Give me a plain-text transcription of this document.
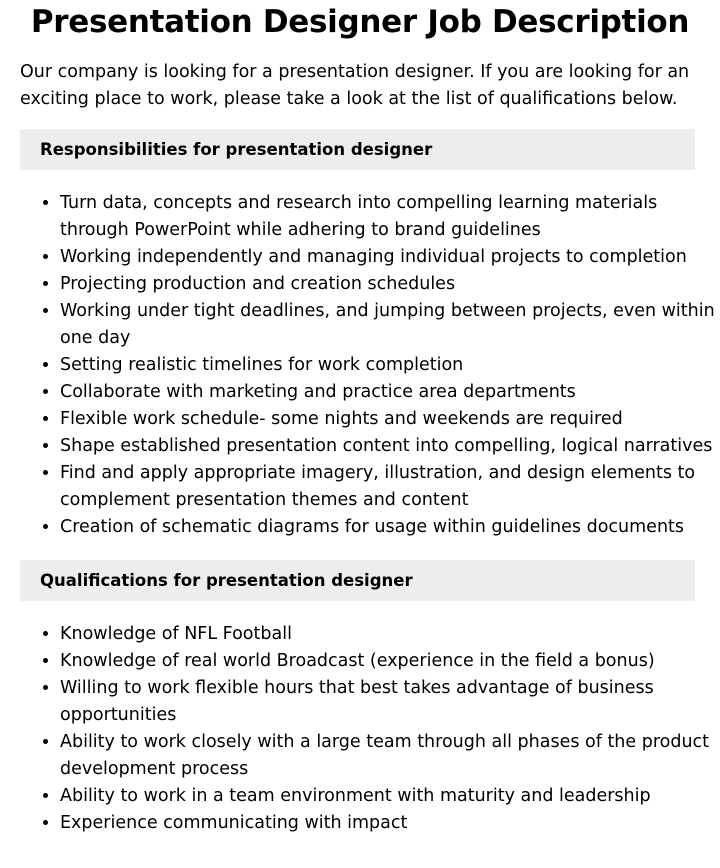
Presentation Designer Job Description

Our company is looking for a presentation designer. If you are looking for an exciting place to work, please take a look at the list of qualifications below.

Responsibilities for presentation designer
• Turn data, concepts and research into compelling learning materials through PowerPoint while adhering to brand guidelines
• Working independently and managing individual projects to completion
• Projecting production and creation schedules
• Working under tight deadlines, and jumping between projects, even within one day
• Setting realistic timelines for work completion
• Collaborate with marketing and practice area departments
• Flexible work schedule- some nights and weekends are required
• Shape established presentation content into compelling, logical narratives
• Find and apply appropriate imagery, illustration, and design elements to complement presentation themes and content
• Creation of schematic diagrams for usage within guidelines documents
Qualifications for presentation designer
• Knowledge of NFL Football
• Knowledge of real world Broadcast (experience in the field a bonus)
• Willing to work flexible hours that best takes advantage of business opportunities
• Ability to work closely with a large team through all phases of the product development process
• Ability to work in a team environment with maturity and leadership
• Experience communicating with impact
